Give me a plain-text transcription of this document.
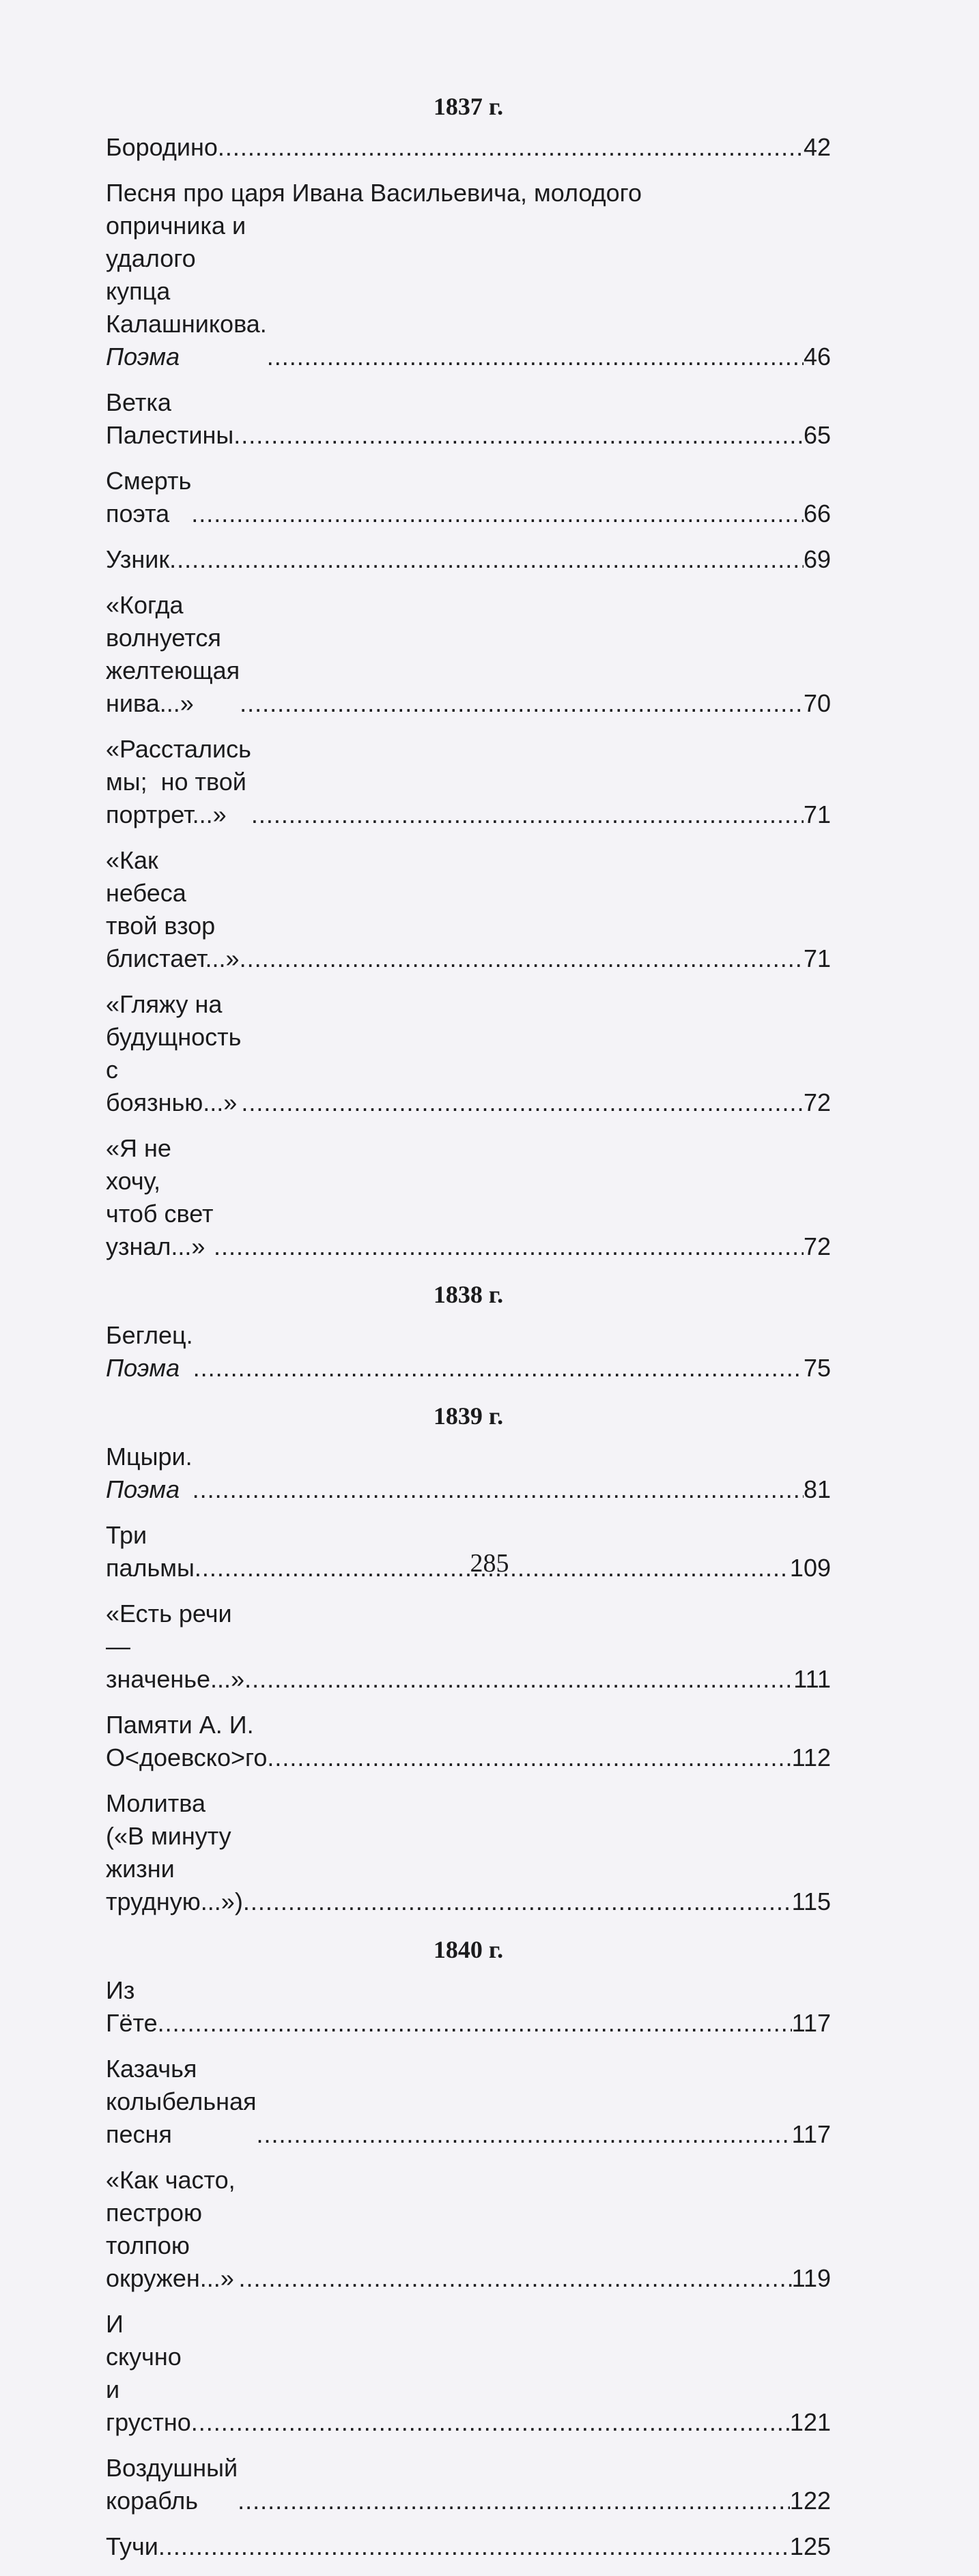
1837 г.
Бородино .....	42
Песня про царя Ивана Васильевича, молодого
опричника и удалого купца Калашникова. Поэма .....	46
Ветка Палестины .....	65
Смерть поэта .....	66
Узник .....	69
«Когда волнуется желтеющая нива...» .....	70
«Расстались мы;  но твой портрет...» .....	71
«Как небеса твой взор блистает...» .....	71
«Гляжу на будущность с боязнью...» .....	72
«Я не хочу, чтоб свет узнал...» .....	72
1838 г.
Беглец. Поэма .....	75
1839 г.
Мцыри. Поэма .....	81
Три пальмы .....	109
«Есть речи — значенье...» .....	111
Памяти А. И. О<доевско>го .....	112
Молитва («В минуту жизни трудную...») .....	115
1840 г.
Из Гёте .....	117
Казачья колыбельная песня .....	117
«Как часто, пестрою толпою окружен...» .....	119
И скучно и грустно .....	121
Воздушный корабль .....	122
Тучи .....	125
285
